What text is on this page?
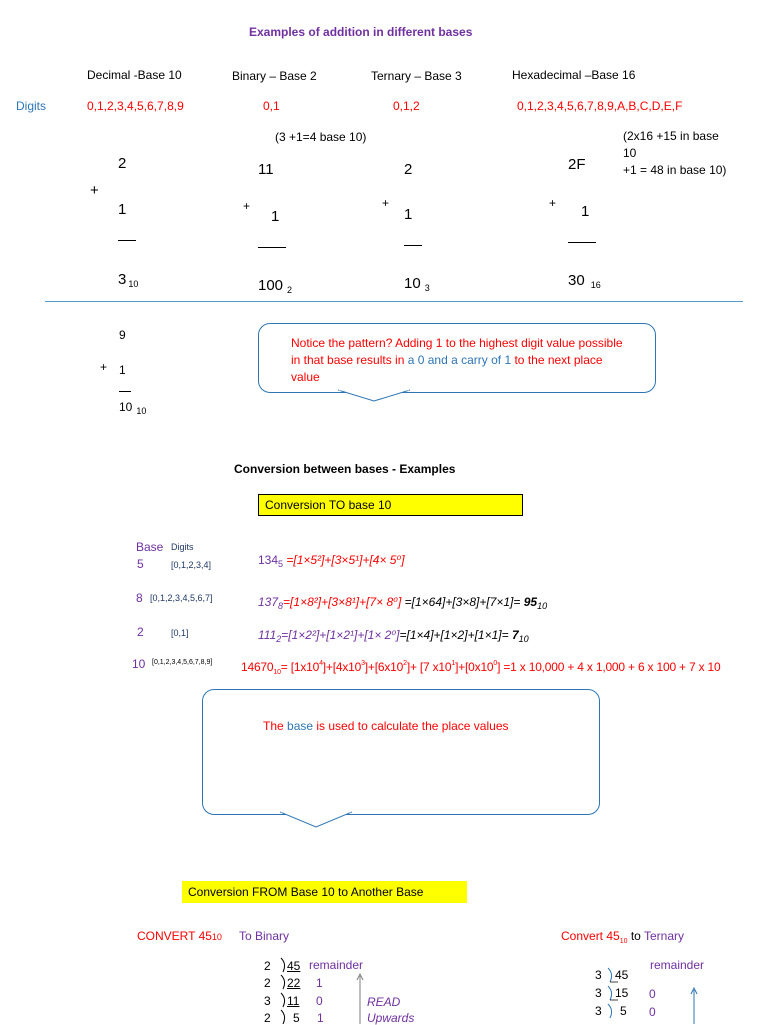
Examples of addition in different bases
Decimal -Base 10	Binary – Base 2	Ternary – Base 3	Hexadecimal –Base 16
Digits	0,1,2,3,4,5,6,7,8,9	0,1	0,1,2	0,1,2,3,4,5,6,7,8,9,A,B,C,D,E,F
(3 +1=4 base 10)	(2x16 +15 in base
10
+1 = 48 in base 10)
2
+
1
3 $_{10}$
11
+
1
100 $_2$
2
+
1
10 $_3$
2F
+ 1
30 $_{16}$
9
+ 1
10 $_{10}$
Notice the pattern? Adding 1 to the highest digit value possible in that base results in a 0 and a carry of 1 to the next place value
Conversion between bases - Examples
Conversion TO base 10
Base Digits
5	[0,1,2,3,4]	$134_5 =[1\times 5^2]+[3\times 5^1]+[4\times 5^0]$
8 [0,1,2,3,4,5,6,7]	$137_8=[1\times 8^2]+[3\times 8^1]+[7\times 8^0] =[1\times 64]+[3\times 8]+[7\times 1]= 95_{10}$
2	[0,1]	$111_2=[1\times 2^2]+[1\times 2^1]+[1\times 2^0]=[1\times 4]+[1\times 2]+[1\times 1]= 7_{10}$
10 [0,1,2,3,4,5,6,7,8,9] $14670_{10}= [1x10^4]+[4x10^3]+[6x10^2]+ [7$ $x10^1]+[0x10^0] =1$ x 10,000 + 4 x 1,000 + 6 x 100 + 7 x 10
The base is used to calculate the place values
Conversion FROM Base 10 to Another Base
CONVERT 4510 To Binary	Convert $45_{10}$ to Ternary
remainder
2 45
2 22 1
3 11 0
2 5 1
READ
Upwards
remainder
3 45
3 15 0
3 5 0
